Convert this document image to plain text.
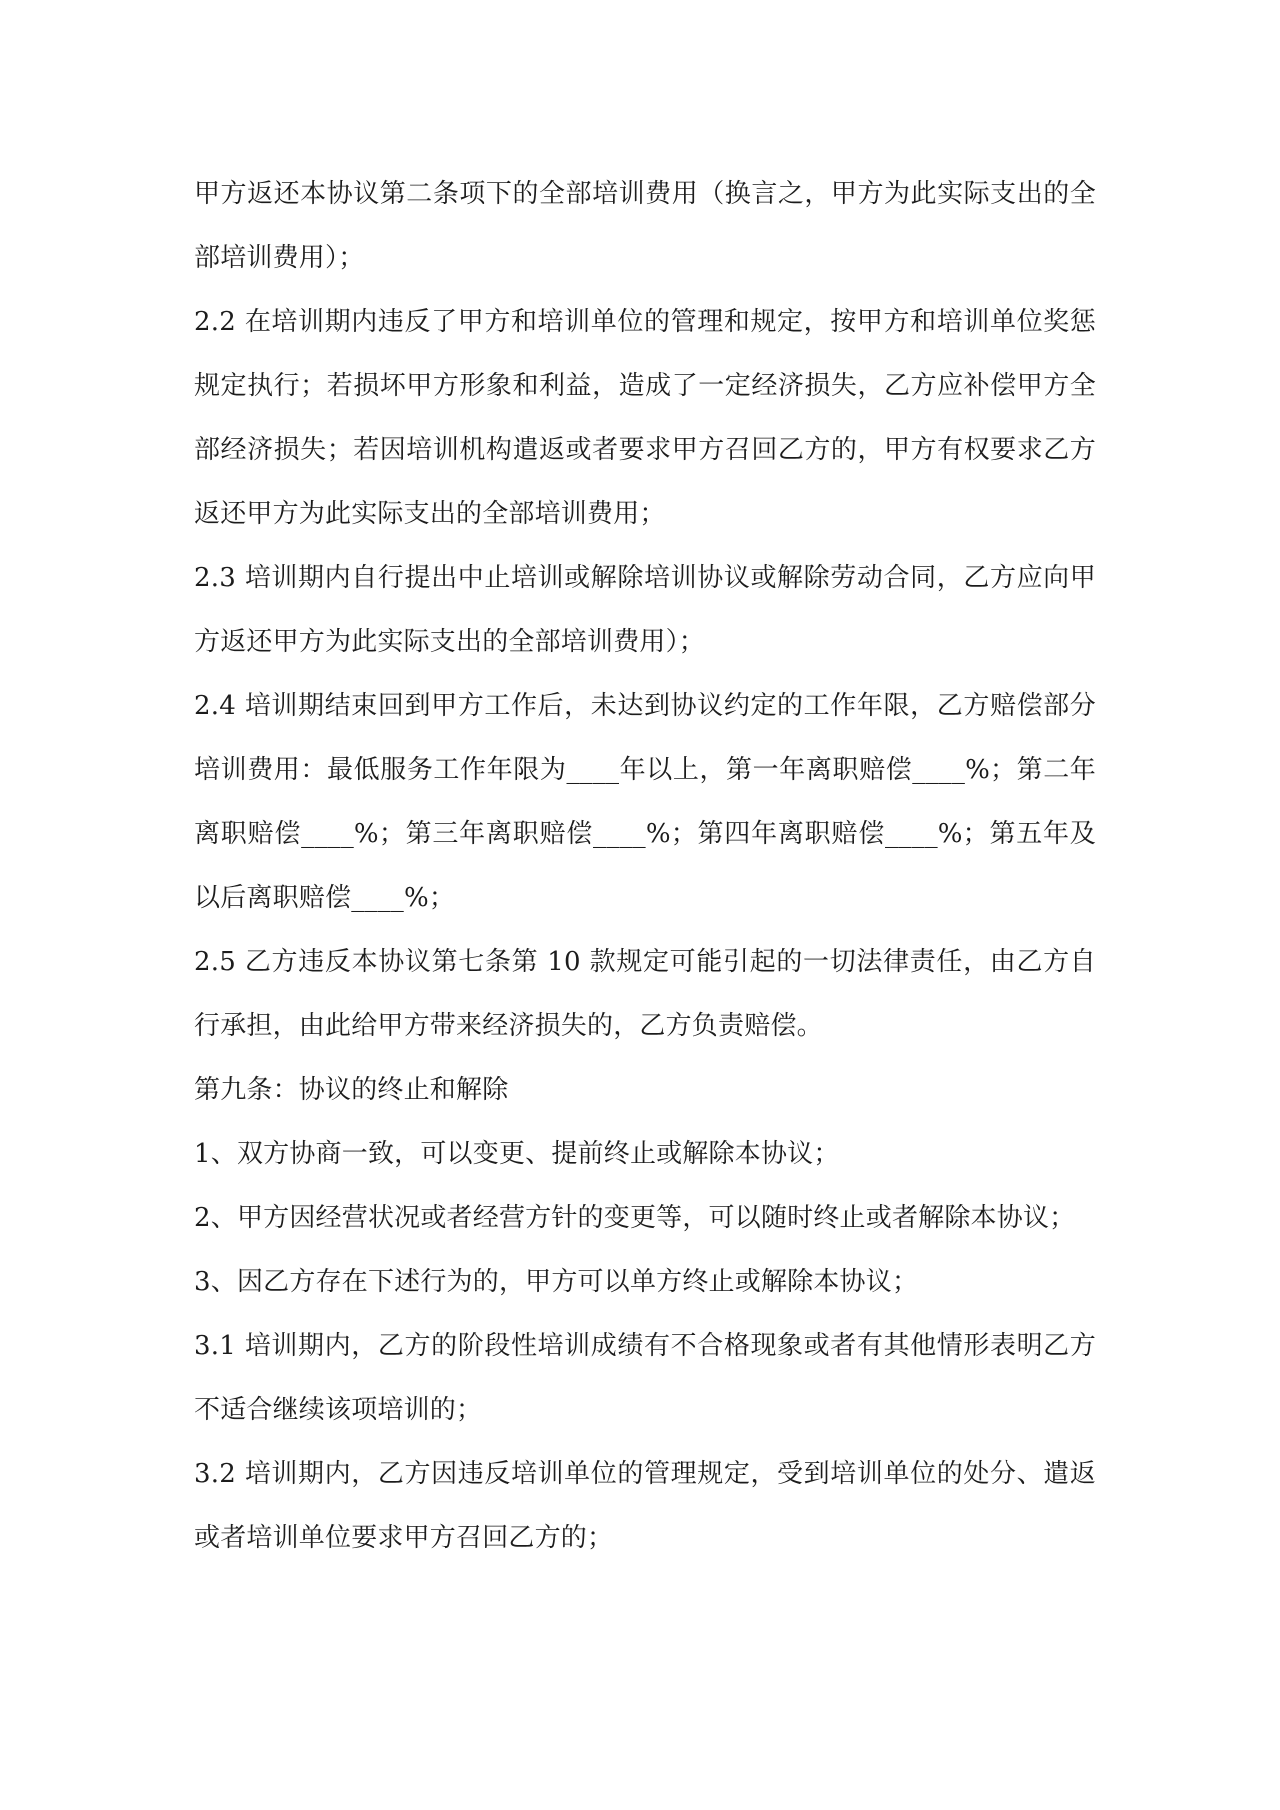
甲方返还本协议第二条项下的全部培训费用（换言之，甲方为此实际支出的全部培训费用）；

2.2 在培训期内违反了甲方和培训单位的管理和规定，按甲方和培训单位奖惩规定执行；若损坏甲方形象和利益，造成了一定经济损失，乙方应补偿甲方全部经济损失；若因培训机构遣返或者要求甲方召回乙方的，甲方有权要求乙方返还甲方为此实际支出的全部培训费用；

2.3 培训期内自行提出中止培训或解除培训协议或解除劳动合同，乙方应向甲方返还甲方为此实际支出的全部培训费用）；

2.4 培训期结束回到甲方工作后，未达到协议约定的工作年限，乙方赔偿部分培训费用：最低服务工作年限为____年以上，第一年离职赔偿____%；第二年离职赔偿____%；第三年离职赔偿____%；第四年离职赔偿____%；第五年及以后离职赔偿____%；

2.5 乙方违反本协议第七条第 10 款规定可能引起的一切法律责任，由乙方自行承担，由此给甲方带来经济损失的，乙方负责赔偿。

第九条：协议的终止和解除

1、双方协商一致，可以变更、提前终止或解除本协议；

2、甲方因经营状况或者经营方针的变更等，可以随时终止或者解除本协议；

3、因乙方存在下述行为的，甲方可以单方终止或解除本协议；

3.1 培训期内，乙方的阶段性培训成绩有不合格现象或者有其他情形表明乙方不适合继续该项培训的；

3.2 培训期内，乙方因违反培训单位的管理规定，受到培训单位的处分、遣返或者培训单位要求甲方召回乙方的；
